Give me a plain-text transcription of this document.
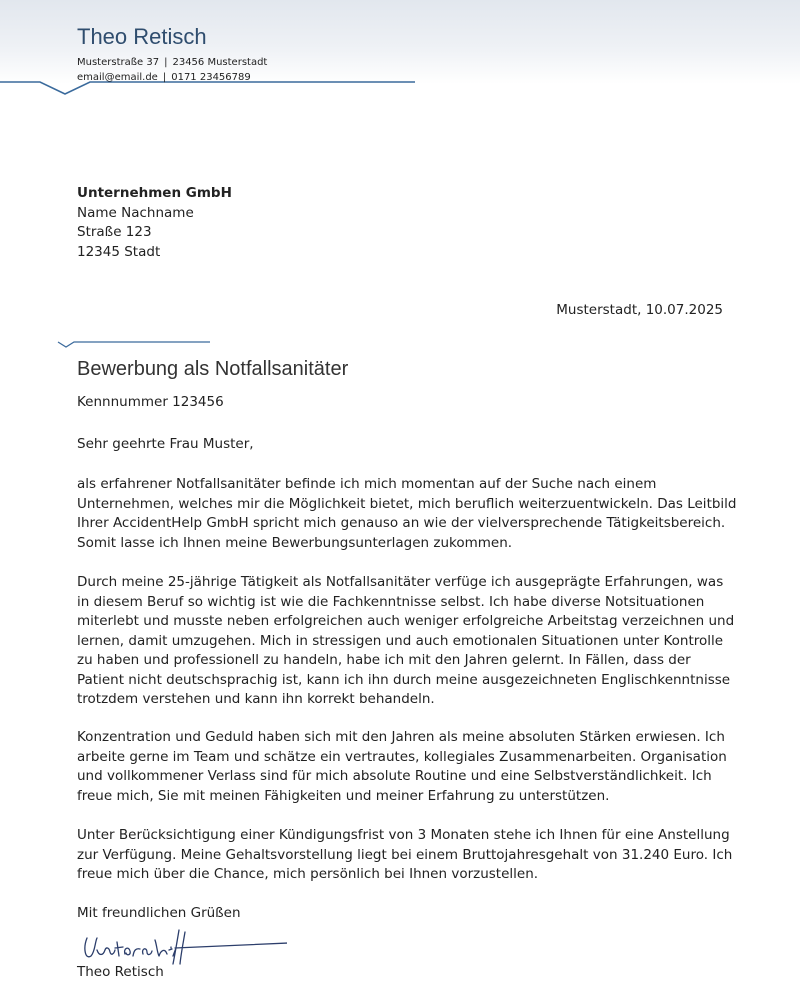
Theo Retisch
Musterstraße 37 | 23456 Musterstadt
email@email.de | 0171 23456789
Unternehmen GmbH
Name Nachname
Straße 123
12345 Stadt
Musterstadt, 10.07.2025
Bewerbung als Notfallsanitäter
Kennnummer 123456
Sehr geehrte Frau Muster,

als erfahrener Notfallsanitäter befinde ich mich momentan auf der Suche nach einem Unternehmen, welches mir die Möglichkeit bietet, mich beruflich weiterzuentwickeln. Das Leitbild Ihrer AccidentHelp GmbH spricht mich genauso an wie der vielversprechende Tätigkeitsbereich. Somit lasse ich Ihnen meine Bewerbungsunterlagen zukommen.

Durch meine 25-jährige Tätigkeit als Notfallsanitäter verfüge ich ausgeprägte Erfahrungen, was in diesem Beruf so wichtig ist wie die Fachkenntnisse selbst. Ich habe diverse Notsituationen miterlebt und musste neben erfolgreichen auch weniger erfolgreiche Arbeitstag verzeichnen und lernen, damit umzugehen. Mich in stressigen und auch emotionalen Situationen unter Kontrolle zu haben und professionell zu handeln, habe ich mit den Jahren gelernt. In Fällen, dass der Patient nicht deutschsprachig ist, kann ich ihn durch meine ausgezeichneten Englischkenntnisse trotzdem verstehen und kann ihn korrekt behandeln.

Konzentration und Geduld haben sich mit den Jahren als meine absoluten Stärken erwiesen. Ich arbeite gerne im Team und schätze ein vertrautes, kollegiales Zusammenarbeiten. Organisation und vollkommener Verlass sind für mich absolute Routine und eine Selbstverständlichkeit. Ich freue mich, Sie mit meinen Fähigkeiten und meiner Erfahrung zu unterstützen.

Unter Berücksichtigung einer Kündigungsfrist von 3 Monaten stehe ich Ihnen für eine Anstellung zur Verfügung. Meine Gehaltsvorstellung liegt bei einem Bruttojahresgehalt von 31.240 Euro. Ich freue mich über die Chance, mich persönlich bei Ihnen vorzustellen.

Mit freundlichen Grüßen
Theo Retisch
